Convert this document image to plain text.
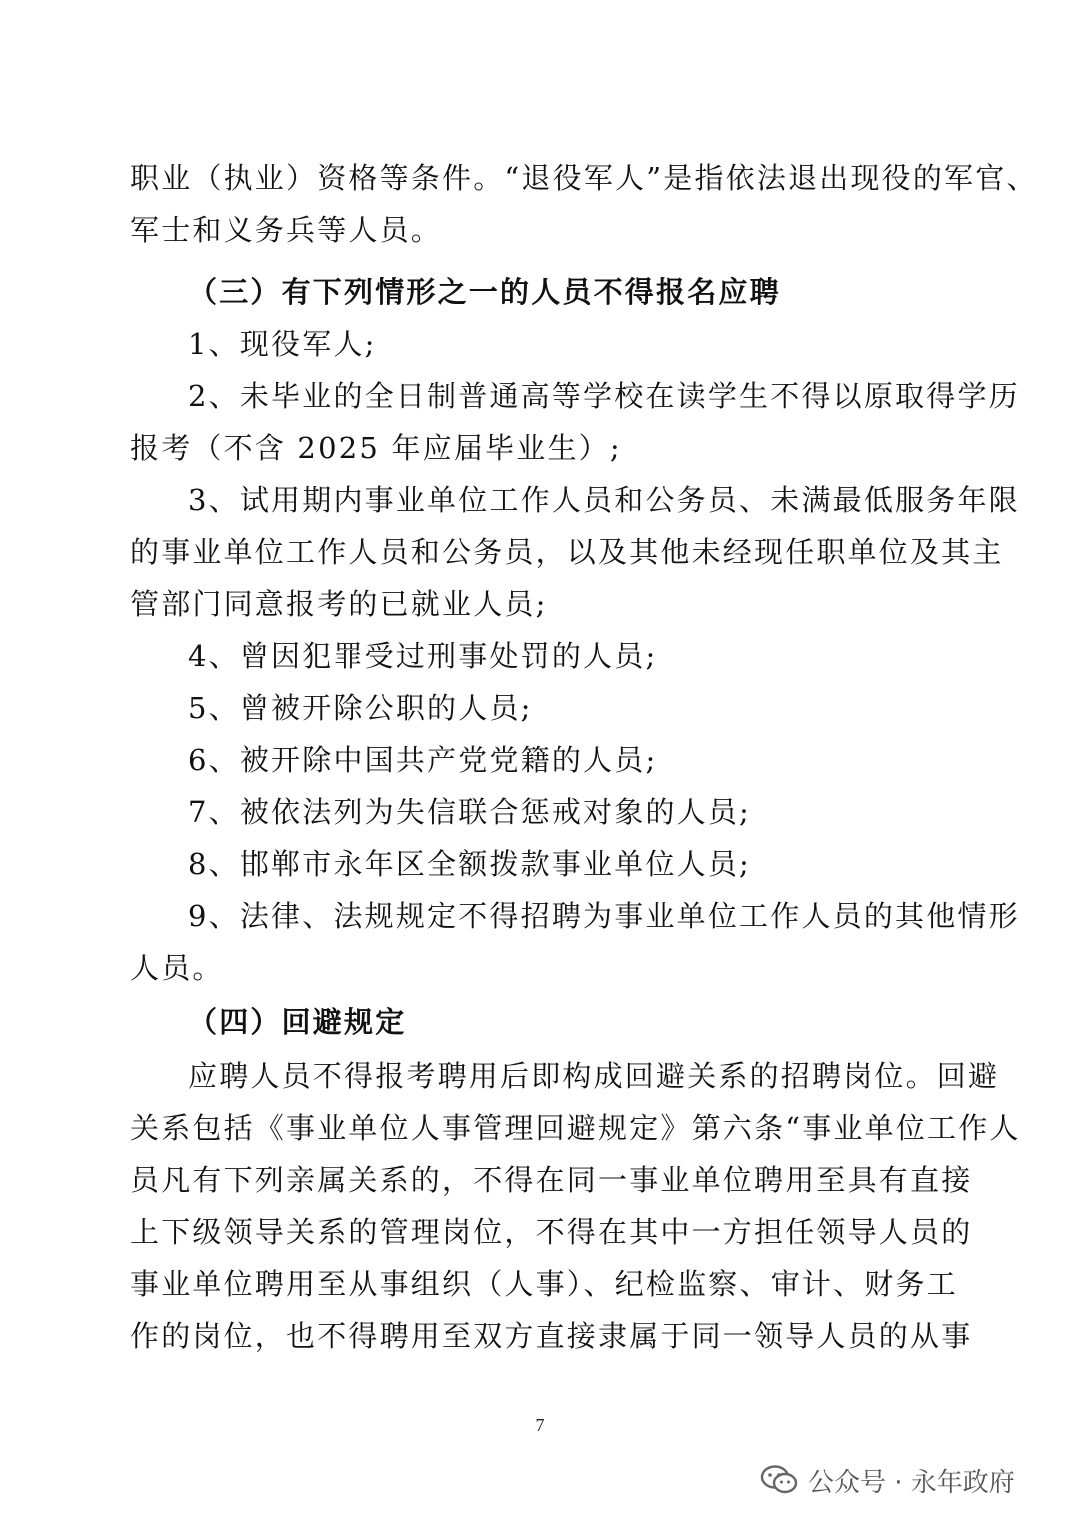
职业（执业）资格等条件。“退役军人”是指依法退出现役的军官、
军士和义务兵等人员。
（三）有下列情形之一的人员不得报名应聘
1、现役军人;
2、未毕业的全日制普通高等学校在读学生不得以原取得学历
报考（不含 2025 年应届毕业生）;
3、试用期内事业单位工作人员和公务员、未满最低服务年限
的事业单位工作人员和公务员，以及其他未经现任职单位及其主
管部门同意报考的已就业人员;
4、曾因犯罪受过刑事处罚的人员;
5、曾被开除公职的人员;
6、被开除中国共产党党籍的人员;
7、被依法列为失信联合惩戒对象的人员;
8、邯郸市永年区全额拨款事业单位人员;
9、法律、法规规定不得招聘为事业单位工作人员的其他情形
人员。
（四）回避规定
应聘人员不得报考聘用后即构成回避关系的招聘岗位。回避
关系包括《事业单位人事管理回避规定》第六条“事业单位工作人
员凡有下列亲属关系的，不得在同一事业单位聘用至具有直接
上下级领导关系的管理岗位，不得在其中一方担任领导人员的
事业单位聘用至从事组织（人事）、纪检监察、审计、财务工
作的岗位，也不得聘用至双方直接隶属于同一领导人员的从事
7
公众号 · 永年政府
